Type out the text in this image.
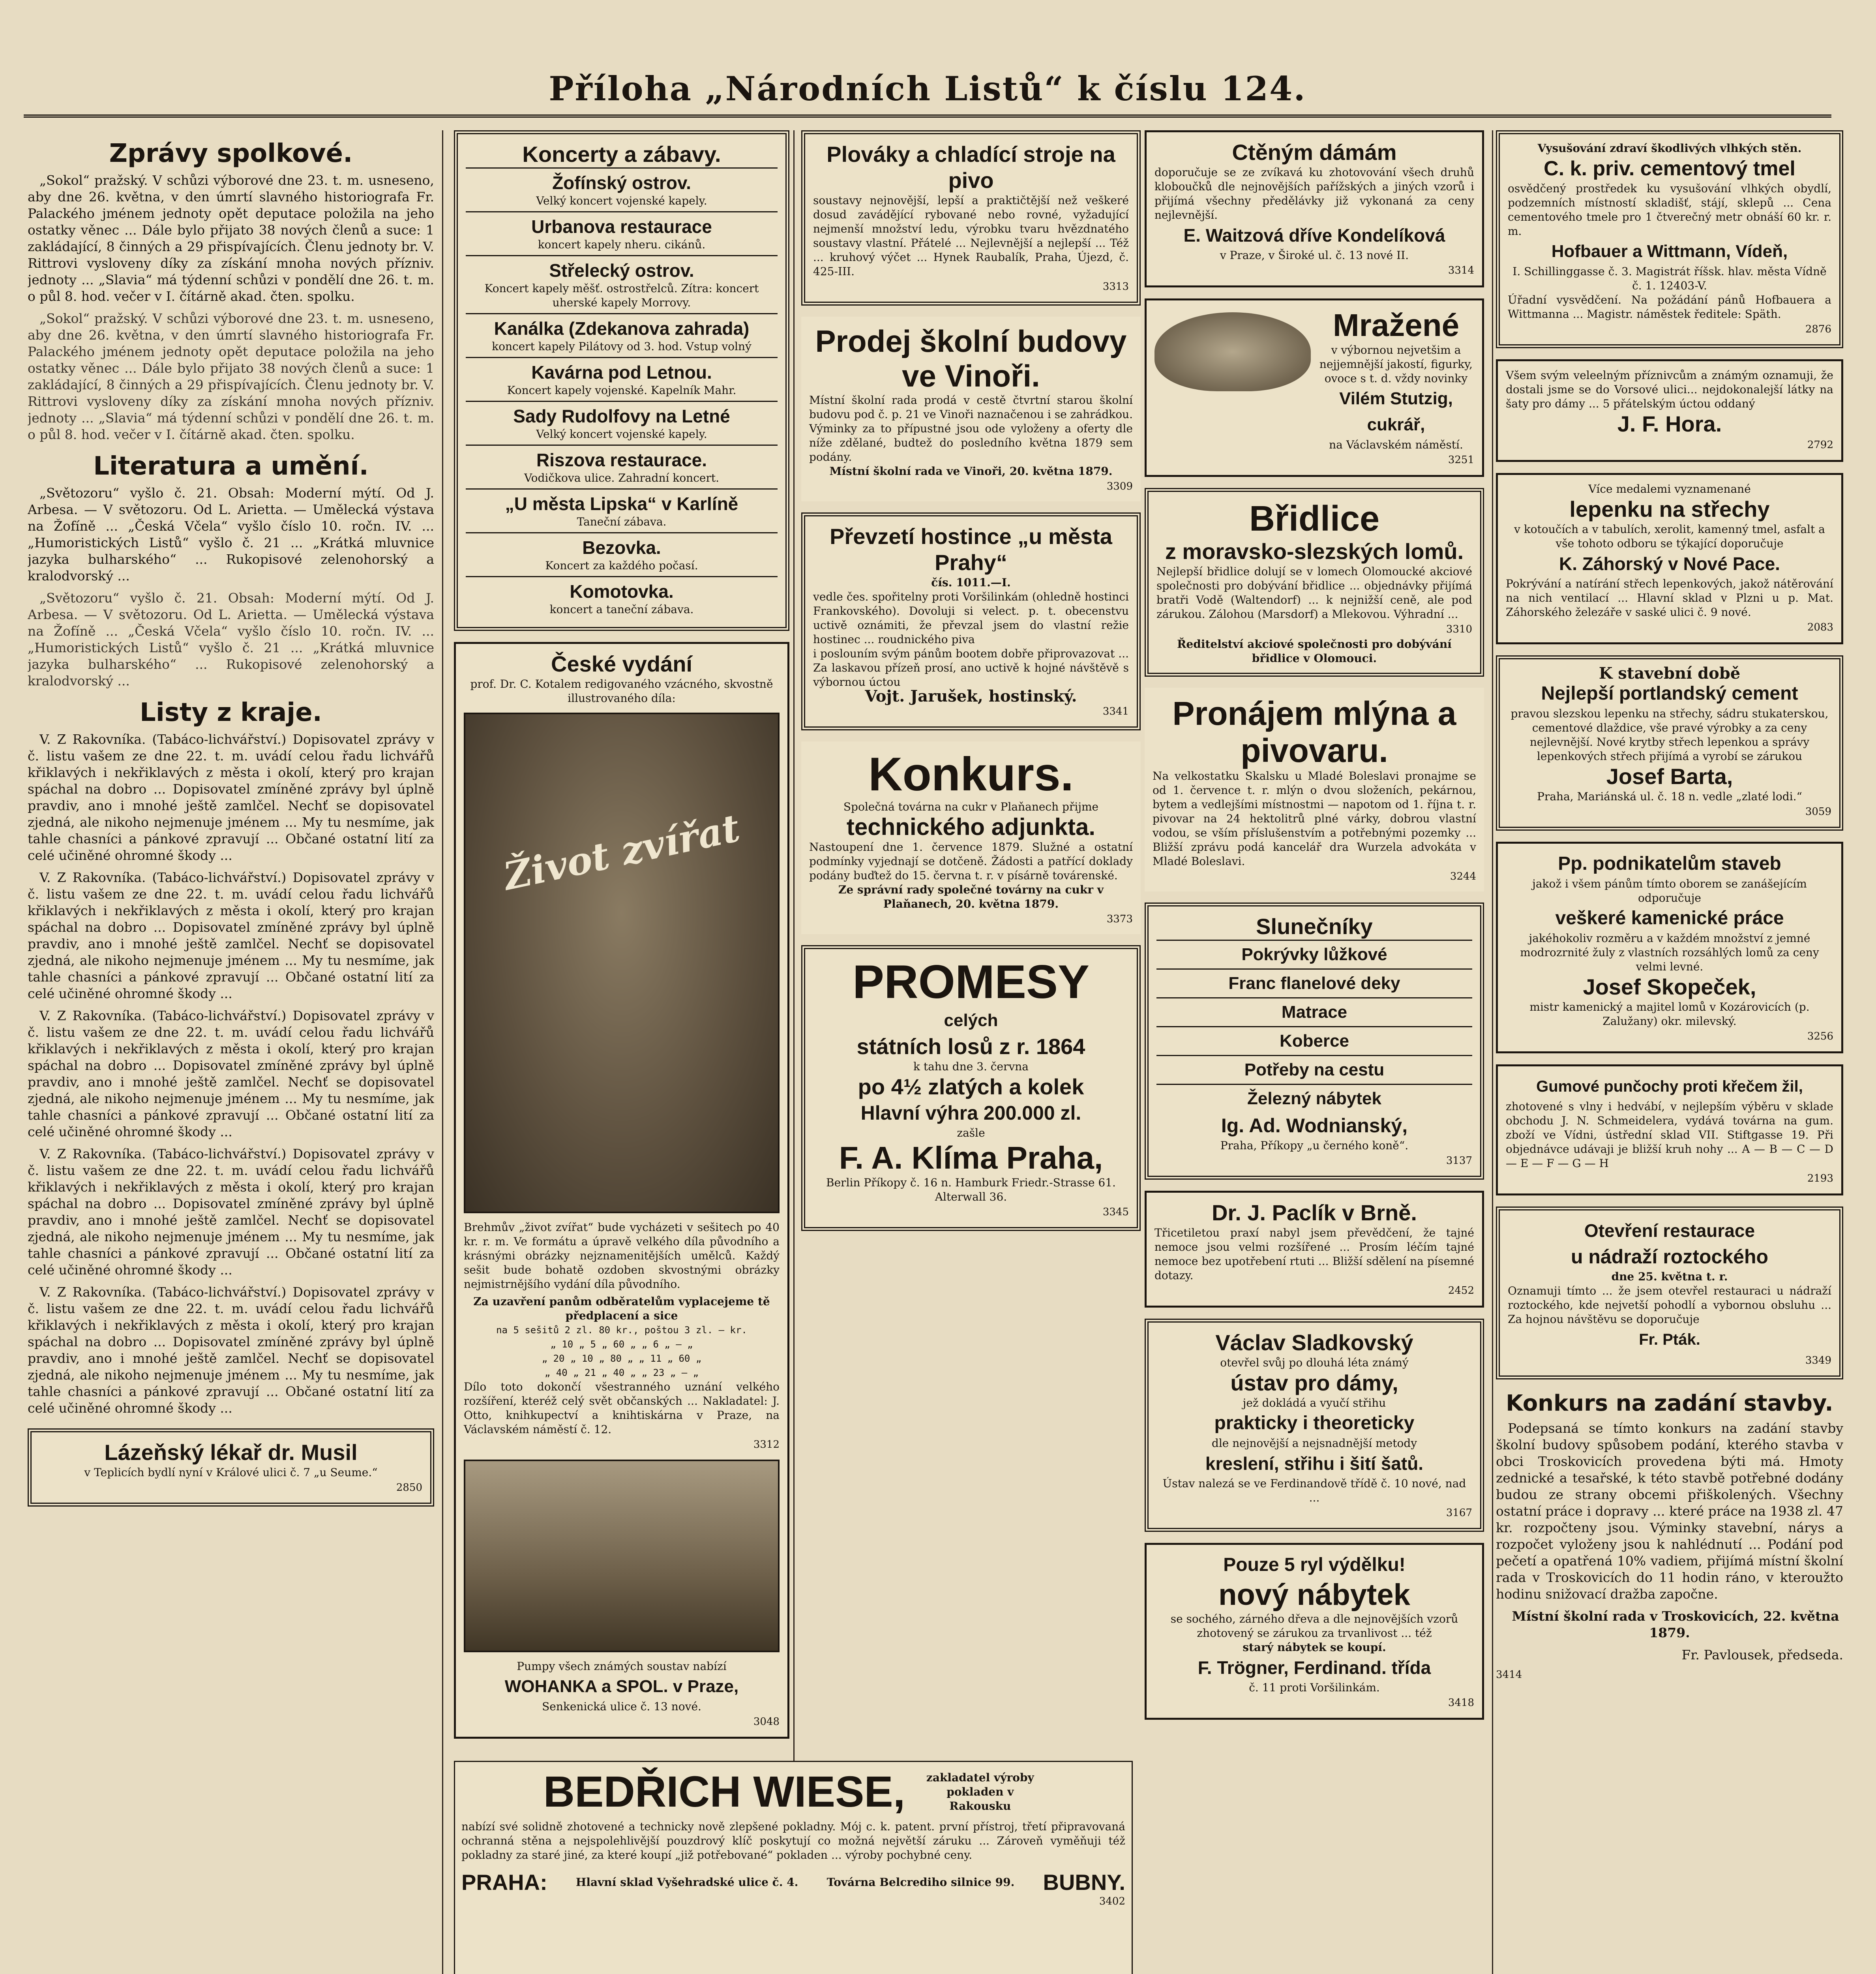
Příloha „Národních Listů“ k číslu 124.
Zprávy spolkové.

„Sokol“ pražský. V schůzi výborové dne 23. t. m. usneseno, aby dne 26. května, v den úmrtí slavného historiografa Fr. Palackého jménem jednoty opět deputace položila na jeho ostatky věnec ... Dále bylo přijato 38 nových členů a suce: 1 zakládající, 8 činných a 29 přispívajících. Členu jednoty br. V. Rittrovi vysloveny díky za získání mnoha nových přízniv. jednoty ... „Slavia“ má týdenní schůzi v pondělí dne 26. t. m. o půl 8. hod. večer v I. čítárně akad. čten. spolku.

„Sokol“ pražský. V schůzi výborové dne 23. t. m. usneseno, aby dne 26. května, v den úmrtí slavného historiografa Fr. Palackého jménem jednoty opět deputace položila na jeho ostatky věnec ... Dále bylo přijato 38 nových členů a suce: 1 zakládající, 8 činných a 29 přispívajících. Členu jednoty br. V. Rittrovi vysloveny díky za získání mnoha nových přízniv. jednoty ... „Slavia“ má týdenní schůzi v pondělí dne 26. t. m. o půl 8. hod. večer v I. čítárně akad. čten. spolku.

Literatura a umění.

„Světozoru“ vyšlo č. 21. Obsah: Moderní mýtí. Od J. Arbesa. — V světozoru. Od L. Arietta. — Umělecká výstava na Žofíně ... „Česká Včela“ vyšlo číslo 10. ročn. IV. ... „Humoristických Listů“ vyšlo č. 21 ... „Krátká mluvnice jazyka bulharského“ ... Rukopisové zelenohorský a kralodvorský ...

„Světozoru“ vyšlo č. 21. Obsah: Moderní mýtí. Od J. Arbesa. — V světozoru. Od L. Arietta. — Umělecká výstava na Žofíně ... „Česká Včela“ vyšlo číslo 10. ročn. IV. ... „Humoristických Listů“ vyšlo č. 21 ... „Krátká mluvnice jazyka bulharského“ ... Rukopisové zelenohorský a kralodvorský ...

Listy z kraje.

V. Z Rakovníka. (Tabáco-lichvářství.) Dopisovatel zprávy v č. listu vašem ze dne 22. t. m. uvádí celou řadu lichvářů křiklavých i nekřiklavých z města i okolí, který pro krajan spáchal na dobro ... Dopisovatel zmíněné zprávy byl úplně pravdiv, ano i mnohé ještě zamlčel. Nechť se dopisovatel zjedná, ale nikoho nejmenuje jménem ... My tu nesmíme, jak tahle chasníci a pánkové zpravují ... Občané ostatní lití za celé učiněné ohromné škody ...

V. Z Rakovníka. (Tabáco-lichvářství.) Dopisovatel zprávy v č. listu vašem ze dne 22. t. m. uvádí celou řadu lichvářů křiklavých i nekřiklavých z města i okolí, který pro krajan spáchal na dobro ... Dopisovatel zmíněné zprávy byl úplně pravdiv, ano i mnohé ještě zamlčel. Nechť se dopisovatel zjedná, ale nikoho nejmenuje jménem ... My tu nesmíme, jak tahle chasníci a pánkové zpravují ... Občané ostatní lití za celé učiněné ohromné škody ...

V. Z Rakovníka. (Tabáco-lichvářství.) Dopisovatel zprávy v č. listu vašem ze dne 22. t. m. uvádí celou řadu lichvářů křiklavých i nekřiklavých z města i okolí, který pro krajan spáchal na dobro ... Dopisovatel zmíněné zprávy byl úplně pravdiv, ano i mnohé ještě zamlčel. Nechť se dopisovatel zjedná, ale nikoho nejmenuje jménem ... My tu nesmíme, jak tahle chasníci a pánkové zpravují ... Občané ostatní lití za celé učiněné ohromné škody ...

V. Z Rakovníka. (Tabáco-lichvářství.) Dopisovatel zprávy v č. listu vašem ze dne 22. t. m. uvádí celou řadu lichvářů křiklavých i nekřiklavých z města i okolí, který pro krajan spáchal na dobro ... Dopisovatel zmíněné zprávy byl úplně pravdiv, ano i mnohé ještě zamlčel. Nechť se dopisovatel zjedná, ale nikoho nejmenuje jménem ... My tu nesmíme, jak tahle chasníci a pánkové zpravují ... Občané ostatní lití za celé učiněné ohromné škody ...

V. Z Rakovníka. (Tabáco-lichvářství.) Dopisovatel zprávy v č. listu vašem ze dne 22. t. m. uvádí celou řadu lichvářů křiklavých i nekřiklavých z města i okolí, který pro krajan spáchal na dobro ... Dopisovatel zmíněné zprávy byl úplně pravdiv, ano i mnohé ještě zamlčel. Nechť se dopisovatel zjedná, ale nikoho nejmenuje jménem ... My tu nesmíme, jak tahle chasníci a pánkové zpravují ... Občané ostatní lití za celé učiněné ohromné škody ...

Lázeňský lékař dr. Musil
v Teplicích bydlí nyní v Králové ulici č. 7 „u Seume.“
2850
Koncerty a zábavy.
Žofínský ostrov.
Velký koncert vojenské kapely.
Urbanova restaurace
koncert kapely nheru. cikánů.
Střelecký ostrov.
Koncert kapely měšť. ostrostřelců. Zítra: koncert uherské kapely Morrovy.
Kanálka (Zdekanova zahrada)
koncert kapely Pilátovy od 3. hod. Vstup volný
Kavárna pod Letnou.
Koncert kapely vojenské. Kapelník Mahr.
Sady Rudolfovy na Letné
Velký koncert vojenské kapely.
Riszova restaurace.
Vodičkova ulice. Zahradní koncert.
„U města Lipska“ v Karlíně
Taneční zábava.
Bezovka.
Koncert za každého počasí.
Komotovka.
koncert a taneční zábava.
České vydání
prof. Dr. C. Kotalem redigovaného vzácného, skvostně illustrovaného díla:
Život zvířat
Brehmův „život zvířat“ bude vycházeti v sešitech po 40 kr. r. m. Ve formátu a úpravě velkého díla původního a krásnými obrázky nejznamenitějších umělců. Každý sešit bude bohatě ozdoben skvostnými obrázky nejmistrnějšího vydání díla původního.
Za uzavření panům odběratelům vyplacejeme tě předplacení a sice
na 5 sešitů 2 zl. 80 kr., poštou 3 zl. — kr.
„ 10 „ 5 „ 60 „ „ 6 „ — „
„ 20 „ 10 „ 80 „ „ 11 „ 60 „
„ 40 „ 21 „ 40 „ „ 23 „ — „
Dílo toto dokončí všestranného uznání velkého rozšíření, kteréž celý svět občanských ... Nakladatel: J. Otto, knihkupectví a knihtiskárna v Praze, na Václavském náměstí č. 12.
3312
Pumpy všech známých soustav nabízí
WOHANKA a SPOL. v Praze,
Senkenická ulice č. 13 nové.
3048
Plováky a chladící stroje na pivo
soustavy nejnovější, lepší a praktičtější než veškeré dosud zavádějící rybované nebo rovné, vyžadující nejmenší množství ledu, výrobku tvaru hvězdnatého soustavy vlastní. Přátelé ... Nejlevnější a nejlepší ... Též ... kruhový výčet ... Hynek Raubalík, Praha, Újezd, č. 425-III.
3313
Prodej školní budovy ve Vinoři.
Místní školní rada prodá v cestě čtvrtní starou školní budovu pod č. p. 21 ve Vinoři naznačenou i se zahrádkou. Výminky za to přípustné jsou ode vyloženy a oferty dle níže zdělané, budtež do posledního května 1879 sem podány.
Místní školní rada ve Vinoři, 20. května 1879.
3309
Převzetí hostince „u města Prahy“
čís. 1011.—I.
vedle čes. spořitelny proti Voršilinkám (ohledně hostinci Frankovského). Dovoluji si velect. p. t. obecenstvu uctivě oznámiti, že převzal jsem do vlastní režie hostinec ... roudnického piva
i poslouním svým pánům bootem dobře připrovazovat ... Za laskavou přízeň prosí, ano uctivě k hojné návštěvě s výbornou úctou
Vojt. Jarušek, hostinský.
3341
Konkurs.
Společná továrna na cukr v Plaňanech přijme
technického adjunkta.
Nastoupení dne 1. července 1879. Služné a ostatní podmínky vyjednají se dotčeně. Žádosti a patřící doklady podány buďtež do 15. června t. r. v písárně továrenské.
Ze správní rady společné továrny na cukr v Plaňanech, 20. května 1879.
3373
PROMESY
celých
státních losů z r. 1864
k tahu dne 3. června
po 4½ zlatých a kolek
Hlavní výhra 200.000 zl.
zašle
F. A. Klíma Praha,
Berlin Příkopy č. 16 n. Hamburk Friedr.-Strasse 61. Alterwall 36.
3345
Ctěným dámám
doporučuje se ze zvíkavá ku zhotovování všech druhů kloboučků dle nejnovějších pařížských a jiných vzorů i přijímá všechny předělávky již vykonaná za ceny nejlevnější.
E. Waitzová dříve Kondelíková
v Praze, v Široké ul. č. 13 nové II.
3314
Mražené
v výbornou nejvetšim a nejjemnější jakostí, figurky, ovoce s t. d. vždy novinky
Vilém Stutzig, cukrář,
na Václavském náměstí.
3251
Břidlice
z moravsko-slezských lomů.
Nejlepší břidlice dolují se v lomech Olomoucké akciové společnosti pro dobývání břidlice ... objednávky přijímá bratři Vodě (Waltendorf) ... k nejnižší ceně, ale pod zárukou. Zálohou (Marsdorf) a Mlekovou. Výhradní ...
3310
Ředitelství akciové společnosti pro dobývání břidlice v Olomouci.
Pronájem mlýna a pivovaru.
Na velkostatku Skalsku u Mladé Boleslavi pronajme se od 1. července t. r. mlýn o dvou složeních, pekárnou, bytem a vedlejšími místnostmi — napotom od 1. října t. r. pivovar na 24 hektolitrů plné várky, dobrou vlastní vodou, se vším příslušenstvím a potřebnými pozemky ... Bližší zprávu podá kancelář dra Wurzela advokáta v Mladé Boleslavi.
3244
Slunečníky
Pokrývky lůžkové
Franc flanelové deky
Matrace
Koberce
Potřeby na cestu
Železný nábytek
Ig. Ad. Wodnianský,
Praha, Příkopy „u černého koně“.
3137
Dr. J. Paclík v Brně.
Třicetiletou praxí nabyl jsem převědčení, že tajné nemoce jsou velmi rozšířené ... Prosím léčím tajné nemoce bez upotřebení rtuti ... Bližší sdělení na písemné dotazy.
2452
Václav Sladkovský
otevřel svůj po dlouhá léta známý
ústav pro dámy,
jež dokládá a vyučí střihu
prakticky i theoreticky
dle nejnovější a nejsnadnější metody
kreslení, střihu i šití šatů.
Ústav nalezá se ve Ferdinandově třídě č. 10 nové, nad ...
3167
Pouze 5 ryl výdělku!
nový nábytek
se sochého, zárného dřeva a dle nejnovějších vzorů zhotovený se zárukou za trvanlivost ... též
starý nábytek se koupí.
F. Trögner, Ferdinand. třída
č. 11 proti Voršilinkám.
3418
Vysušování zdraví škodlivých vlhkých stěn.
C. k. priv. cementový tmel
osvědčený prostředek ku vysušování vlhkých obydlí, podzemních místností skladišť, stájí, sklepů ... Cena cementového tmele pro 1 čtverečný metr obnáší 60 kr. r. m.
Hofbauer a Wittmann, Vídeň,
I. Schillinggasse č. 3. Magistrát říšsk. hlav. města Vídně č. 1. 12403-V.
Úřadní vysvědčení. Na požádání pánů Hofbauera a Wittmanna ... Magistr. náměstek ředitele: Späth.
2876
Všem svým veleelným příznivcům a známým oznamuji, že dostali jsme se do Vorsové ulici... nejdokonalejší látky na šaty pro dámy ... 5 přátelským úctou oddaný
J. F. Hora.
2792
Více medalemi vyznamenané
lepenku na střechy
v kotoučích a v tabulích, xerolit, kamenný tmel, asfalt a vše tohoto odboru se týkající doporučuje
K. Záhorský v Nové Pace.
Pokrývání a natírání střech lepenkových, jakož nátěrování na nich ventilací ... Hlavní sklad v Plzni u p. Mat. Záhorského železáře v saské ulici č. 9 nové.
2083
K stavební době
Nejlepší portlandský cement
pravou slezskou lepenku na střechy, sádru stukaterskou, cementové dlaždice, vše pravé výrobky a za ceny nejlevnější. Nové krytby střech lepenkou a správy lepenkových střech přijímá a vyrobí se zárukou
Josef Barta,
Praha, Mariánská ul. č. 18 n. vedle „zlaté lodi.“
3059
Pp. podnikatelům staveb
jakož i všem pánům tímto oborem se zanášejícím odporučuje
veškeré kamenické práce
jakéhokoliv rozměru a v každém množství z jemné modrozrnité žuly z vlastních rozsáhlých lomů za ceny velmi levné.
Josef Skopeček,
mistr kamenický a majitel lomů v Kozárovicích (p. Zalužany) okr. milevský.
3256
Gumové punčochy proti křečem žil,
zhotovené s vlny i hedvábí, v nejlepším výběru v sklade obchodu J. N. Schmeidelera, vydává továrna na gum. zboží ve Vídni, ústřední sklad VII. Stiftgasse 19. Při objednávce udávaji je bližší kruh nohy ... A — B — C — D — E — F — G — H
2193
Otevření restaurace
u nádraží roztockého
dne 25. května t. r.
Oznamuji tímto ... že jsem otevřel restauraci u nádraží roztockého, kde nejvetší pohodlí a vybornou obsluhu ... Za hojnou návštěvu se doporučuje
Fr. Pták.
3349
Konkurs na zadání stavby.

Podepsaná se tímto konkurs na zadání stavby školní budovy spůsobem podání, kterého stavba v obci Troskovicích provedena býti má. Hmoty zednické a tesařské, k této stavbě potřebné dodány budou ze strany obcemi přiškolených. Všechny ostatní práce i dopravy ... které práce na 1938 zl. 47 kr. rozpočteny jsou. Výminky stavební, nárys a rozpočet vyloženy jsou k nahlédnutí ... Podání pod pečetí a opatřená 10% vadiem, přijímá místní školní rada v Troskovicích do 11 hodin ráno, v kteroužto hodinu snižovací dražba započne.

Místní školní rada v Troskovicích, 22. května 1879.

Fr. Pavlousek, předseda.

3414
BEDŘICH WIESE,	zakladatel výroby pokladen v Rakousku
nabízí své solidně zhotovené a technicky nově zlepšené pokladny. Mój c. k. patent. první přístroj, třetí připravovaná ochranná stěna a nejspolehlivější pouzdrový klíč poskytují co možná největší záruku ... Zároveň vyměňuji též pokladny za staré jiné, za které koupí „již potřebované“ pokladen ... výroby pochybné ceny.
PRAHA:	Hlavní sklad Vyšehradské ulice č. 4.	Továrna Belcrediho silnice 99. BUBNY.
3402
